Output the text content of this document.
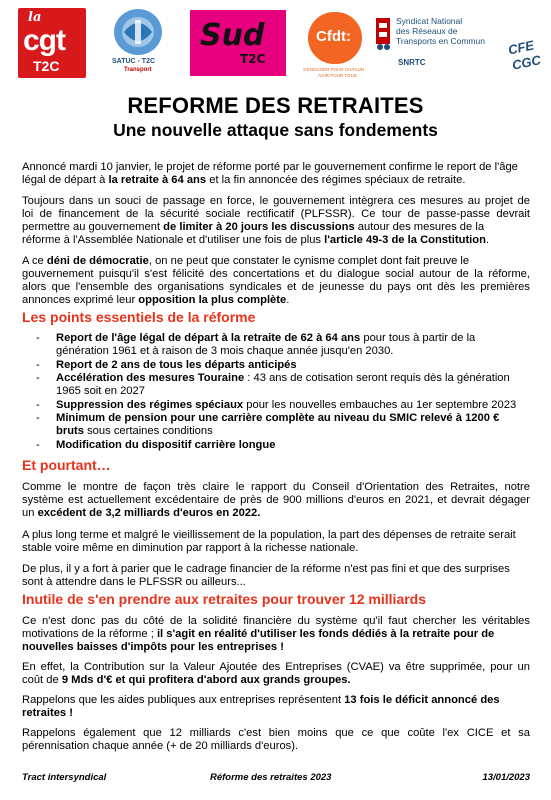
la
cgt
T2C	SATUC - T2C
Transport
Sud
T2C
Cfdt:
S'ENGAGER POUR CHACUN
AGIR POUR TOUS
Syndicat National
des Réseaux de
Transports en Commun
SNRTC
CFE
CGC
REFORME DES RETRAITES
Une nouvelle attaque sans fondements
Annoncé mardi 10 janvier, le projet de réforme porté par le gouvernement confirme le report de l'âge
légal de départ à la retraite à 64 ans et la fin annoncée des régimes spéciaux de retraite.
Toujours dans un souci de passage en force, le gouvernement intègrera ces mesures au projet de
loi de financement de la sécurité sociale rectificatif (PLFSSR). Ce tour de passe-passe devrait
permettre au gouvernement de limiter à 20 jours les discussions autour des mesures de la
réforme à l'Assemblée Nationale et d'utiliser une fois de plus l'article 49-3 de la Constitution.
A ce déni de démocratie, on ne peut que constater le cynisme complet dont fait preuve le
gouvernement puisqu'il s'est félicité des concertations et du dialogue social autour de la réforme,
alors que l'ensemble des organisations syndicales et de jeunesse du pays ont dès les premières
annonces exprimé leur opposition la plus complète.
Les points essentiels de la réforme
- Report de l'âge légal de départ à la retraite de 62 à 64 ans pour tous à partir de la
génération 1961 et à raison de 3 mois chaque année jusqu'en 2030.
- Report de 2 ans de tous les départs anticipés
- Accélération des mesures Touraine : 43 ans de cotisation seront requis dès la génération
1965 soit en 2027
- Suppression des régimes spéciaux pour les nouvelles embauches au 1er septembre 2023
- Minimum de pension pour une carrière complète au niveau du SMIC relevé à 1200 €
bruts sous certaines conditions
- Modification du dispositif carrière longue
Et pourtant…
Comme le montre de façon très claire le rapport du Conseil d'Orientation des Retraites, notre
système est actuellement excédentaire de près de 900 millions d'euros en 2021, et devrait dégager
un excédent de 3,2 milliards d'euros en 2022.
A plus long terme et malgré le vieillissement de la population, la part des dépenses de retraite serait
stable voire même en diminution par rapport à la richesse nationale.
De plus, il y a fort à parier que le cadrage financier de la réforme n'est pas fini et que des surprises
sont à attendre dans le PLFSSR ou ailleurs...
Inutile de s'en prendre aux retraites pour trouver 12 milliards
Ce n'est donc pas du côté de la solidité financière du système qu'il faut chercher les véritables
motivations de la réforme ; il s'agit en réalité d'utiliser les fonds dédiés à la retraite pour de
nouvelles baisses d'impôts pour les entreprises !
En effet, la Contribution sur la Valeur Ajoutée des Entreprises (CVAE) va être supprimée, pour un
coût de 9 Mds d'€ et qui profitera d'abord aux grands groupes.
Rappelons que les aides publiques aux entreprises représentent 13 fois le déficit annoncé des
retraites !
Rappelons également que 12 milliards c'est bien moins que ce que coûte l'ex CICE et sa
pérennisation chaque année (+ de 20 milliards d'euros).
Tract intersyndical	Réforme des retraites 2023	13/01/2023
